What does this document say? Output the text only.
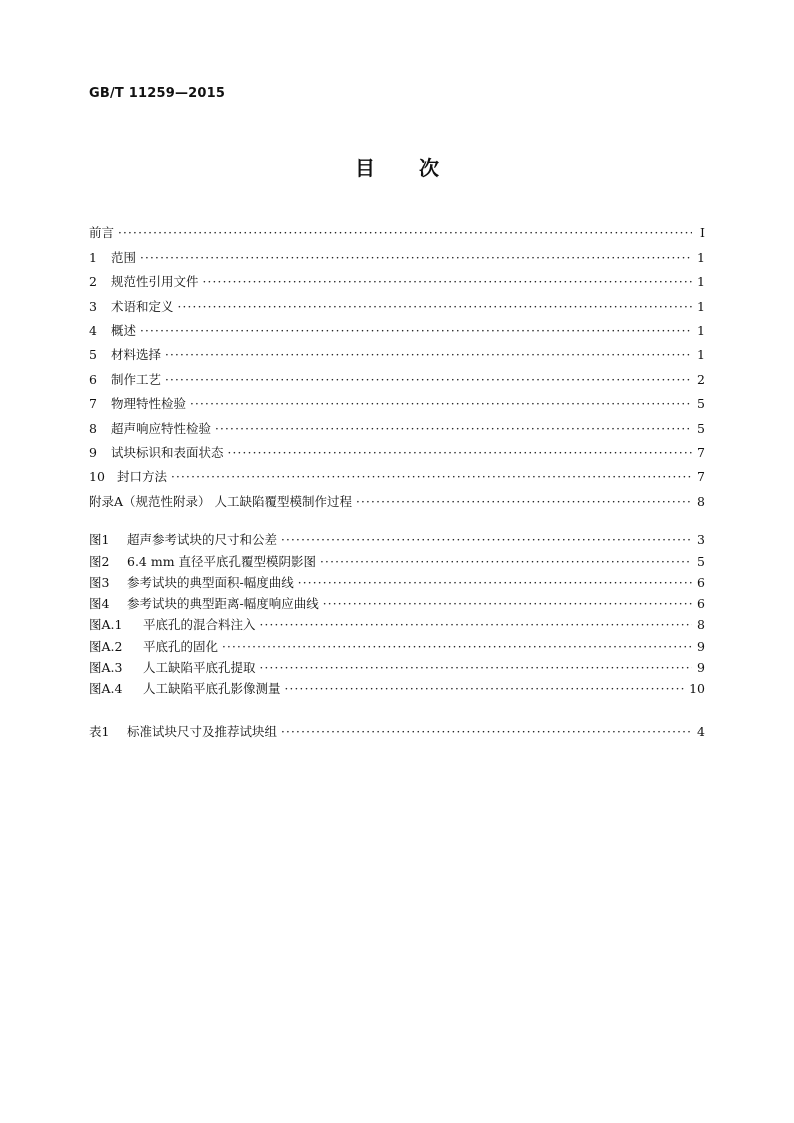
GB/T 11259—2015
目次
前言 ·····	Ⅰ
1	范围 ·····	1
2	规范性引用文件 ·····	1
3	术语和定义 ·····	1
4	概述 ·····	1
5	材料选择 ·····	1
6	制作工艺 ·····	2
7	物理特性检验 ·····	5
8	超声响应特性检验 ·····	5
9	试块标识和表面状态 ·····	7
10 封口方法 ·····	7
附录A（规范性附录） 人工缺陷覆型模制作过程 ·····	8
图1	超声参考试块的尺寸和公差 ·····	3
图2	6.4 mm 直径平底孔覆型模阴影图 ·····	5
图3	参考试块的典型面积-幅度曲线 ·····	6
图4	参考试块的典型距离-幅度响应曲线 ·····	6
图A.1	平底孔的混合料注入 ·····	8
图A.2	平底孔的固化 ·····	9
图A.3	人工缺陷平底孔提取 ·····	9
图A.4	人工缺陷平底孔影像测量 ·····	10
表1	标准试块尺寸及推荐试块组 ·····	4
